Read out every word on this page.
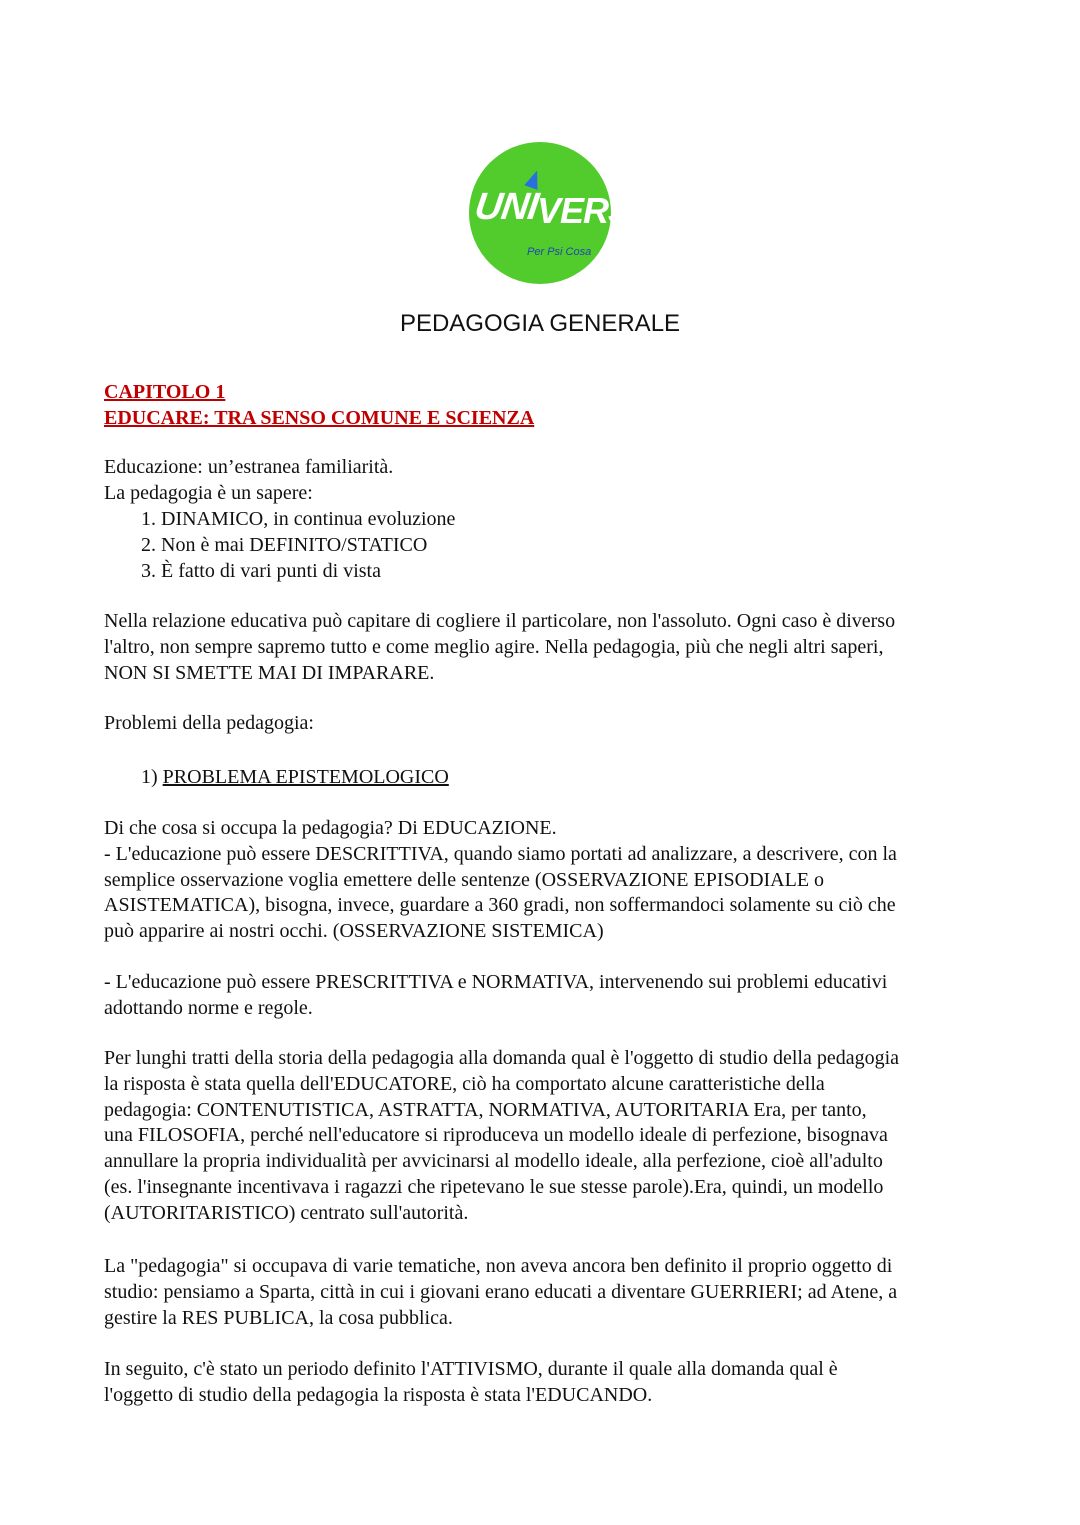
UNI
VERSO
Per Psi Cosa
PEDAGOGIA GENERALE
CAPITOLO 1
EDUCARE: TRA SENSO COMUNE E SCIENZA
Educazione: un’estranea familiarità.
La pedagogia è un sapere:
1. DINAMICO, in continua evoluzione
2. Non è mai DEFINITO/STATICO
3. È fatto di vari punti di vista
Nella relazione educativa può capitare di cogliere il particolare, non l'assoluto. Ogni caso è diverso
l'altro, non sempre sapremo tutto e come meglio agire. Nella pedagogia, più che negli altri saperi,
NON SI SMETTE MAI DI IMPARARE.
Problemi della pedagogia:
1) PROBLEMA EPISTEMOLOGICO
Di che cosa si occupa la pedagogia? Di EDUCAZIONE.
- L'educazione può essere DESCRITTIVA, quando siamo portati ad analizzare, a descrivere, con la
semplice osservazione voglia emettere delle sentenze (OSSERVAZIONE EPISODIALE o
ASISTEMATICA), bisogna, invece, guardare a 360 gradi, non soffermandoci solamente su ciò che
può apparire ai nostri occhi. (OSSERVAZIONE SISTEMICA)
- L'educazione può essere PRESCRITTIVA e NORMATIVA, intervenendo sui problemi educativi
adottando norme e regole.
Per lunghi tratti della storia della pedagogia alla domanda qual è l'oggetto di studio della pedagogia
la risposta è stata quella dell'EDUCATORE, ciò ha comportato alcune caratteristiche della
pedagogia: CONTENUTISTICA, ASTRATTA, NORMATIVA, AUTORITARIA Era, per tanto,
una FILOSOFIA, perché nell'educatore si riproduceva un modello ideale di perfezione, bisognava
annullare la propria individualità per avvicinarsi al modello ideale, alla perfezione, cioè all'adulto
(es. l'insegnante incentivava i ragazzi che ripetevano le sue stesse parole).Era, quindi, un modello
(AUTORITARISTICO) centrato sull'autorità.
La "pedagogia" si occupava di varie tematiche, non aveva ancora ben definito il proprio oggetto di
studio: pensiamo a Sparta, città in cui i giovani erano educati a diventare GUERRIERI; ad Atene, a
gestire la RES PUBLICA, la cosa pubblica.
In seguito, c'è stato un periodo definito l'ATTIVISMO, durante il quale alla domanda qual è
l'oggetto di studio della pedagogia la risposta è stata l'EDUCANDO.
